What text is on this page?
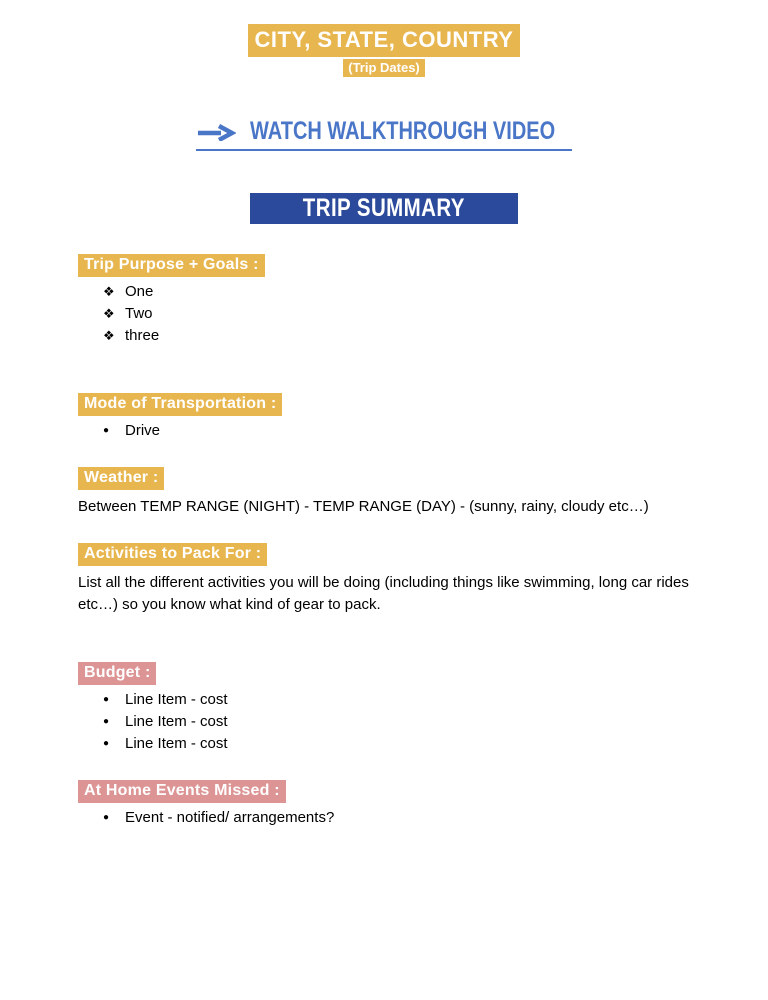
CITY, STATE, COUNTRY
(Trip Dates)
WATCH WALKTHROUGH VIDEO
TRIP SUMMARY
Trip Purpose + Goals :
❖ One
❖ Two
❖ three
Mode of Transportation :
●	Drive
Weather :
Between TEMP RANGE (NIGHT) - TEMP RANGE (DAY) - (sunny, rainy, cloudy etc…)
Activities to Pack For :
List all the different activities you will be doing (including things like swimming, long car rides etc…) so you know what kind of gear to pack.
Budget :
●	Line Item - cost
●	Line Item - cost
●	Line Item - cost
At Home Events Missed :
●	Event - notified/ arrangements?
